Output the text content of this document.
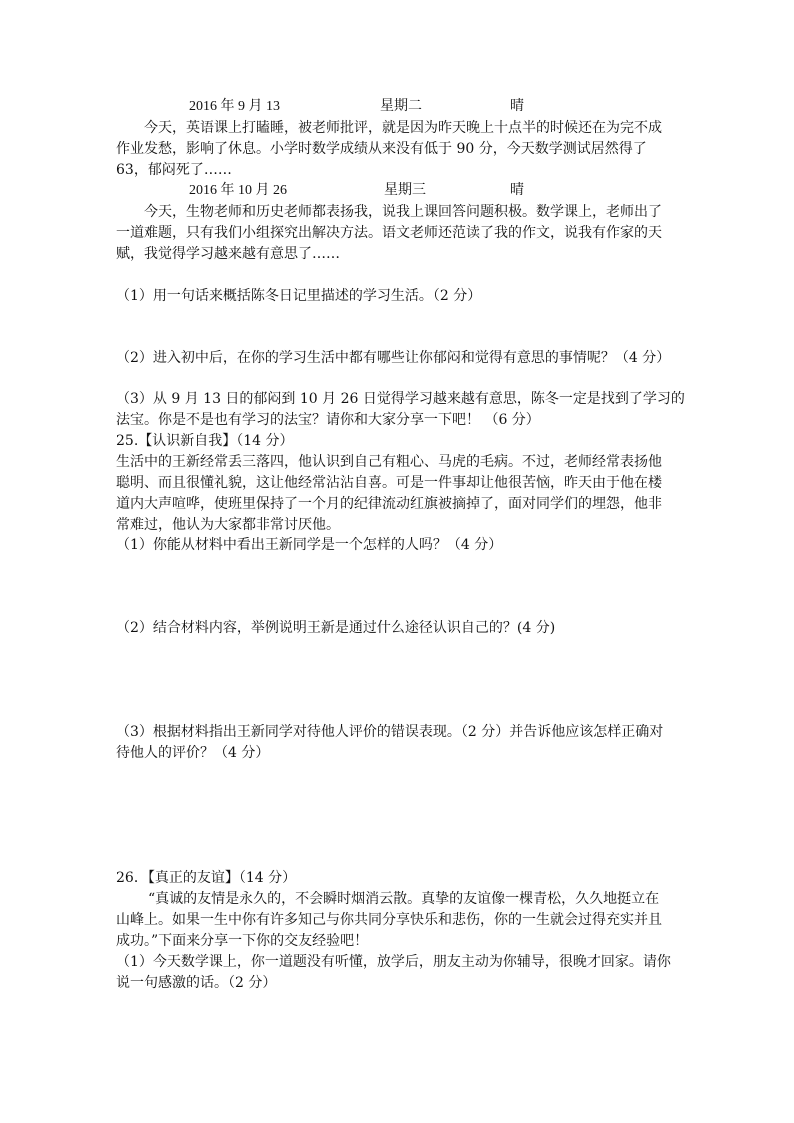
2016 年 9 月 13	星期二	晴
今天，英语课上打瞌睡，被老师批评，就是因为昨天晚上十点半的时候还在为完不成
作业发愁，影响了休息。小学时数学成绩从来没有低于 90 分，今天数学测试居然得了
63，郁闷死了……
2016 年 10 月 26	星期三	晴
今天，生物老师和历史老师都表扬我，说我上课回答问题积极。数学课上，老师出了
一道难题，只有我们小组探究出解决方法。语文老师还范读了我的作文，说我有作家的天
赋，我觉得学习越来越有意思了……
（1）用一句话来概括陈冬日记里描述的学习生活。（2 分）
（2）进入初中后，在你的学习生活中都有哪些让你郁闷和觉得有意思的事情呢？（4 分）
（3）从 9 月 13 日的郁闷到 10 月 26 日觉得学习越来越有意思，陈冬一定是找到了学习的
法宝。你是不是也有学习的法宝？请你和大家分享一下吧！ （6 分）
25.【认识新自我】（14 分）
生活中的王新经常丢三落四，他认识到自己有粗心、马虎的毛病。不过，老师经常表扬他
聪明、而且很懂礼貌，这让他经常沾沾自喜。可是一件事却让他很苦恼，昨天由于他在楼
道内大声喧哗，使班里保持了一个月的纪律流动红旗被摘掉了，面对同学们的埋怨，他非
常难过，他认为大家都非常讨厌他。
（1）你能从材料中看出王新同学是一个怎样的人吗？（4 分）
（2）结合材料内容，举例说明王新是通过什么途径认识自己的？(4 分)
（3）根据材料指出王新同学对待他人评价的错误表现。（2 分）并告诉他应该怎样正确对
待他人的评价？（4 分）
26．【真正的友谊】（14 分）
“真诚的友情是永久的，不会瞬时烟消云散。真挚的友谊像一棵青松，久久地挺立在
山峰上。如果一生中你有许多知己与你共同分享快乐和悲伤，你的一生就会过得充实并且
成功。”下面来分享一下你的交友经验吧！
（1）今天数学课上，你一道题没有听懂，放学后，朋友主动为你辅导，很晚才回家。请你
说一句感激的话。（2 分）
